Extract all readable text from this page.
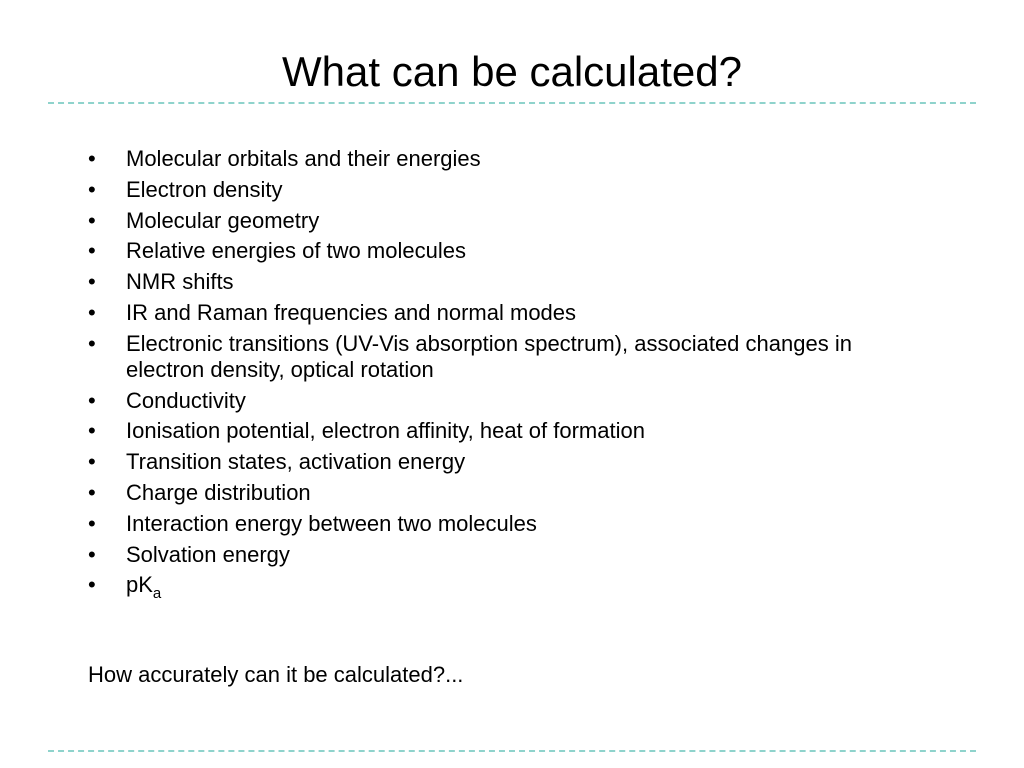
What can be calculated?
• Molecular orbitals and their energies
• Electron density
• Molecular geometry
• Relative energies of two molecules
• NMR shifts
• IR and Raman frequencies and normal modes
• Electronic transitions (UV-Vis absorption spectrum), associated changes in electron density, optical rotation
• Conductivity
• Ionisation potential, electron affinity, heat of formation
• Transition states, activation energy
• Charge distribution
• Interaction energy between two molecules
• Solvation energy
• $pK_a$

How accurately can it be calculated?...
